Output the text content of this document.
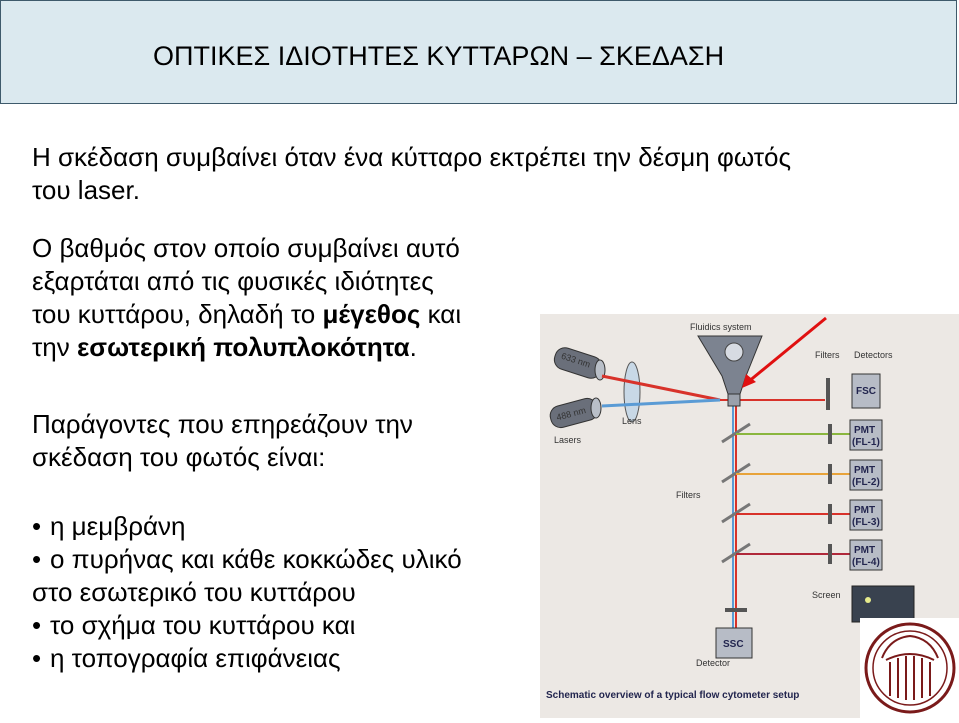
ΟΠΤΙΚΕΣ ΙΔΙΟΤΗΤΕΣ ΚΥΤΤΑΡΩΝ – ΣΚΕΔΑΣΗ
Η σκέδαση συμβαίνει όταν ένα κύτταρο εκτρέπει την δέσμη φωτός
του laser.
Ο βαθμός στον οποίο συμβαίνει αυτό
εξαρτάται από τις φυσικές ιδιότητες
του κυττάρου, δηλαδή το μέγεθος και
την εσωτερική πολυπλοκότητα.
Παράγοντες που επηρεάζουν την
σκέδαση του φωτός είναι:
• η μεμβράνη
• ο πυρήνας και κάθε κοκκώδες υλικό
στο εσωτερικό του κυττάρου
• το σχήμα του κυττάρου και
• η τοπογραφία επιφάνειας
633 nm
488 nm
Lasers
Lens
Fluidics system
Filters Detectors
FSC
PMT
(FL-1)
PMT
(FL-2)
PMT
(FL-3)
PMT
(FL-4)
Filters
Screen
SSC
Detector
Schematic overview of a typical flow cytometer setup
